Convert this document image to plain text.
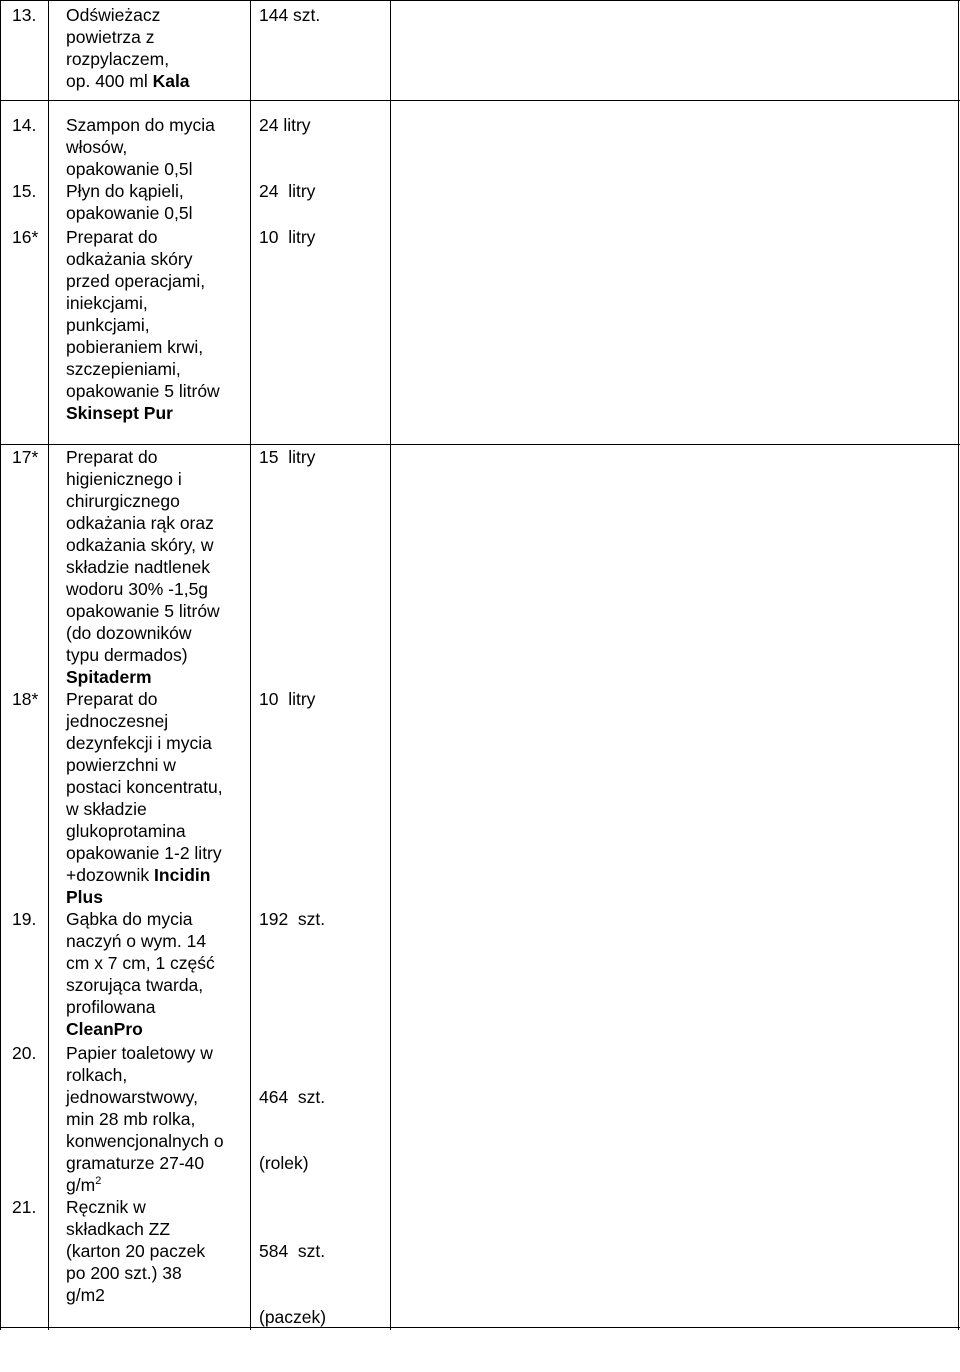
13. Odświeżacz
powietrza z
rozpylaczem,
op. 400 ml Kala
144 szt.
14. Szampon do mycia
włosów,
opakowanie 0,5l
24 litry
15. Płyn do kąpieli,
opakowanie 0,5l
24  litry
16* Preparat do
odkażania skóry
przed operacjami,
iniekcjami,
punkcjami,
pobieraniem krwi,
szczepieniami,
opakowanie 5 litrów
Skinsept Pur
10  litry
17* Preparat do
higienicznego i
chirurgicznego
odkażania rąk oraz
odkażania skóry, w
składzie nadtlenek
wodoru 30% -1,5g
opakowanie 5 litrów
(do dozowników
typu dermados)
Spitaderm
15  litry
18* Preparat do
jednoczesnej
dezynfekcji i mycia
powierzchni w
postaci koncentratu,
w składzie
glukoprotamina
opakowanie 1-2 litry
+dozownik Incidin
Plus
10  litry
19. Gąbka do mycia
naczyń o wym. 14
cm x 7 cm, 1 część
szorująca twarda,
profilowana
CleanPro
192  szt.
20. Papier toaletowy w
rolkach,
jednowarstwowy,
min 28 mb rolka,
konwencjonalnych o
gramaturze 27-40
$g/m^2$

464  szt.

(rolek)

21. Ręcznik w
składkach ZZ
(karton 20 paczek
po 200 szt.) 38
g/m2

584  szt.

(paczek)
